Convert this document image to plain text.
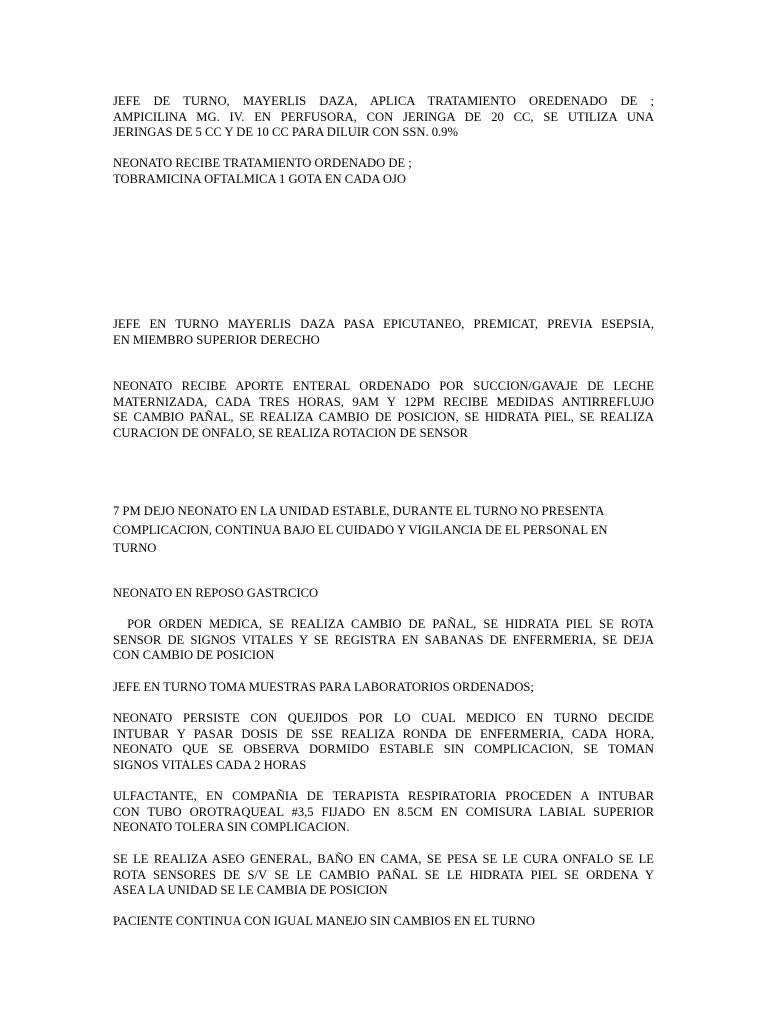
JEFE DE TURNO, MAYERLIS DAZA, APLICA TRATAMIENTO OREDENADO DE ;
AMPICILINA MG. IV. EN PERFUSORA, CON JERINGA DE 20 CC, SE UTILIZA UNA
JERINGAS DE 5 CC Y DE 10 CC PARA DILUIR CON SSN. 0.9%

NEONATO RECIBE TRATAMIENTO ORDENADO DE ;
TOBRAMICINA OFTALMICA 1 GOTA EN CADA OJO

JEFE EN TURNO MAYERLIS DAZA PASA EPICUTANEO, PREMICAT, PREVIA ESEPSIA,
EN MIEMBRO SUPERIOR DERECHO

NEONATO RECIBE APORTE ENTERAL ORDENADO POR SUCCION/GAVAJE DE LECHE
MATERNIZADA, CADA TRES HORAS, 9AM Y 12PM RECIBE MEDIDAS ANTIRREFLUJO
SE CAMBIO PAÑAL, SE REALIZA CAMBIO DE POSICION, SE HIDRATA PIEL, SE REALIZA
CURACION DE ONFALO, SE REALIZA ROTACION DE SENSOR

7 PM DEJO NEONATO EN LA UNIDAD ESTABLE, DURANTE EL TURNO NO PRESENTA
COMPLICACION, CONTINUA BAJO EL CUIDADO Y VIGILANCIA DE EL PERSONAL EN
TURNO

NEONATO EN REPOSO GASTRCICO

POR ORDEN MEDICA, SE REALIZA CAMBIO DE PAÑAL, SE HIDRATA PIEL SE ROTA
SENSOR DE SIGNOS VITALES Y SE REGISTRA EN SABANAS DE ENFERMERIA, SE DEJA
CON CAMBIO DE POSICION

JEFE EN TURNO TOMA MUESTRAS PARA LABORATORIOS ORDENADOS;

NEONATO PERSISTE CON QUEJIDOS POR LO CUAL MEDICO EN TURNO DECIDE
INTUBAR Y PASAR DOSIS DE SSE REALIZA RONDA DE ENFERMERIA, CADA HORA,
NEONATO QUE SE OBSERVA DORMIDO ESTABLE SIN COMPLICACION, SE TOMAN
SIGNOS VITALES CADA 2 HORAS

ULFACTANTE, EN COMPAÑIA DE TERAPISTA RESPIRATORIA PROCEDEN A INTUBAR
CON TUBO OROTRAQUEAL #3,5 FIJADO EN 8.5CM EN COMISURA LABIAL SUPERIOR
NEONATO TOLERA SIN COMPLICACION.

SE LE REALIZA ASEO GENERAL, BAÑO EN CAMA, SE PESA SE LE CURA ONFALO SE LE
ROTA SENSORES DE S/V SE LE CAMBIO PAÑAL SE LE HIDRATA PIEL SE ORDENA Y
ASEA LA UNIDAD SE LE CAMBIA DE POSICION

PACIENTE CONTINUA CON IGUAL MANEJO SIN CAMBIOS EN EL TURNO
